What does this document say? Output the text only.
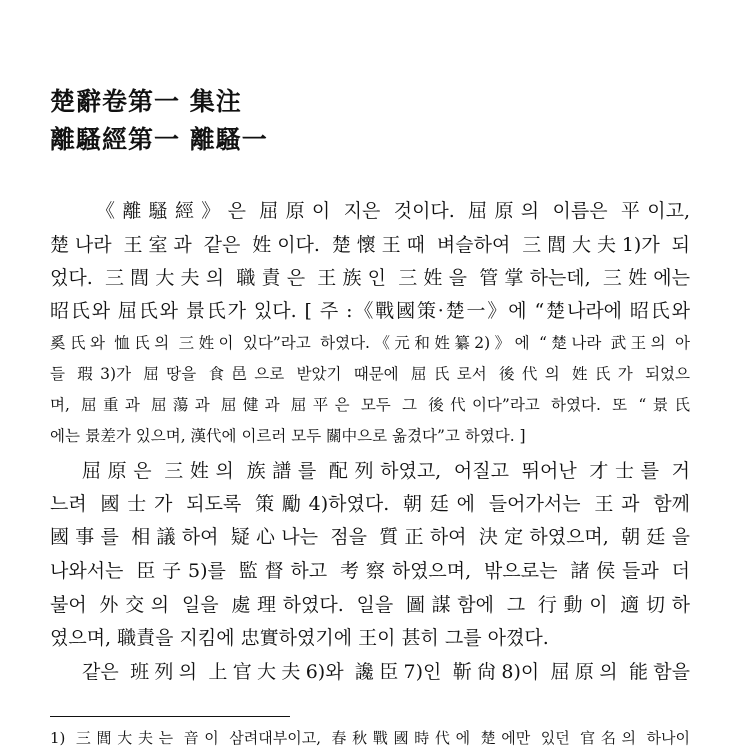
楚辭卷第一 集注
離騷經第一 離騷一
《離騷經》은 屈原이 지은 것이다. 屈原의 이름은 平이고,
楚나라 王室과 같은 姓이다. 楚懷王때 벼슬하여 三閭大夫1)가 되
었다. 三閭大夫의 職責은 王族인 三姓을 管掌하는데, 三姓에는
昭氏와 屈氏와 景氏가 있다. [ 주 :《戰國策·楚一》에 “楚나라에 昭氏와
奚氏와 恤氏의 三姓이 있다”라고 하였다.《元和姓纂2)》에 “楚나라 武王의 아
들 瑕3)가 屈땅을 食邑으로 받았기 때문에 屈氏로서 後代의 姓氏가 되었으
며, 屈重과 屈蕩과 屈健과 屈平은 모두 그 後代이다”라고 하였다. 또 “景氏
에는 景差가 있으며, 漢代에 이르러 모두 關中으로 옮겼다”고 하였다. ]
屈原은 三姓의 族譜를 配列하였고, 어질고 뛰어난 才士를 거
느려 國士가 되도록 策勵4)하였다. 朝廷에 들어가서는 王과 함께
國事를 相議하여 疑心나는 점을 質正하여 決定하였으며, 朝廷을
나와서는 臣子5)를 監督하고 考察하였으며, 밖으로는 諸侯들과 더
불어 外交의 일을 處理하였다. 일을 圖謀함에 그 行動이 適切하
였으며, 職責을 지킴에 忠實하였기에 王이 甚히 그를 아꼈다.
같은 班列의 上官大夫6)와 讒臣7)인 靳尙8)이 屈原의 能함을
1) 三閭大夫는 音이 삼려대부이고, 春秋戰國時代에 楚에만 있던 官名의 하나이
